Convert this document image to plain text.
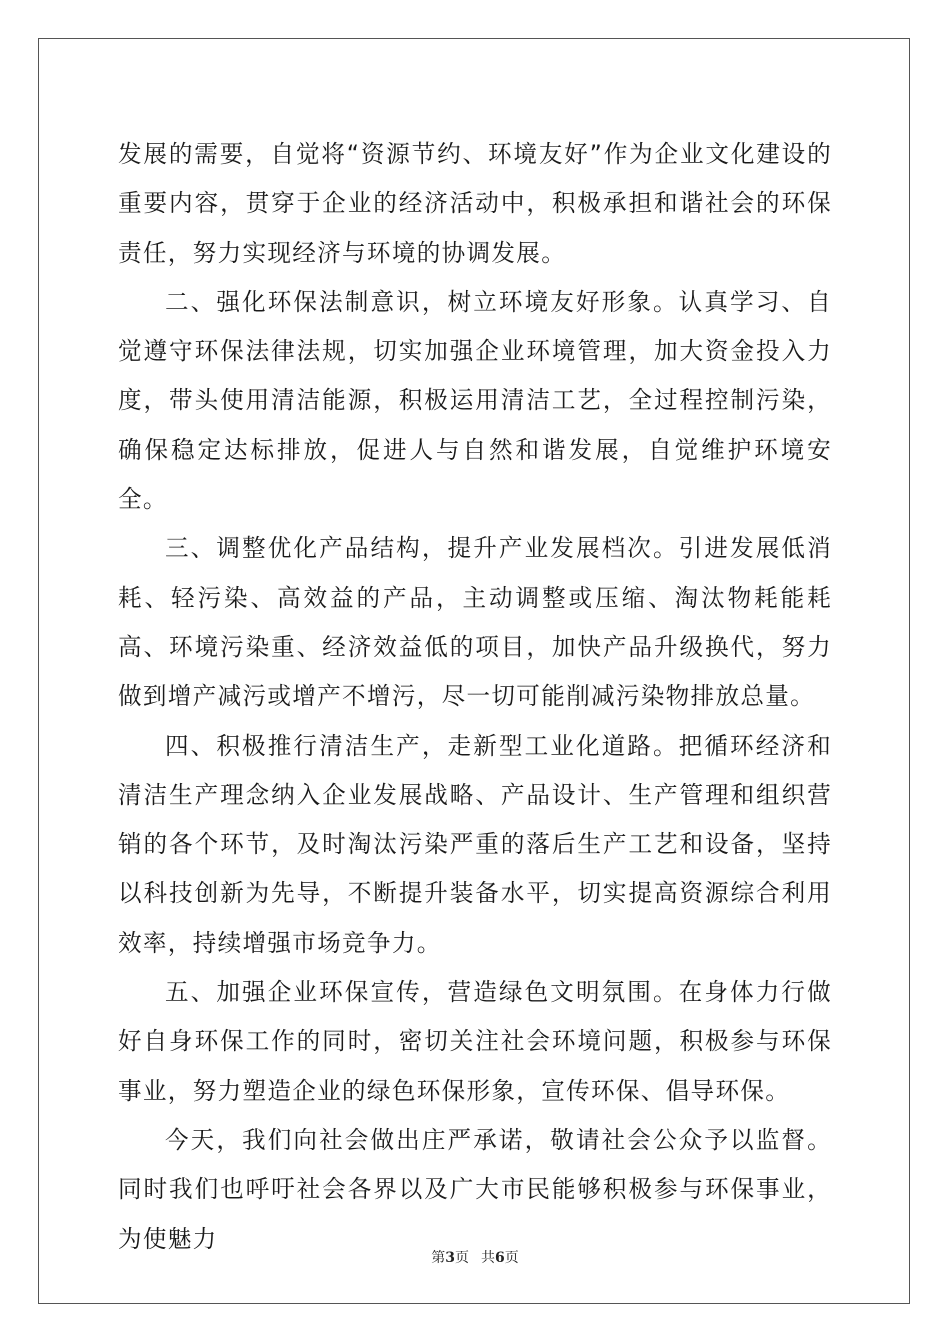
发展的需要，自觉将“资源节约、环境友好”作为企业文化建设的重要内容，贯穿于企业的经济活动中，积极承担和谐社会的环保责任，努力实现经济与环境的协调发展。

二、强化环保法制意识，树立环境友好形象。认真学习、自觉遵守环保法律法规，切实加强企业环境管理，加大资金投入力度，带头使用清洁能源，积极运用清洁工艺，全过程控制污染，确保稳定达标排放，促进人与自然和谐发展，自觉维护环境安全。

三、调整优化产品结构，提升产业发展档次。引进发展低消耗、轻污染、高效益的产品，主动调整或压缩、淘汰物耗能耗高、环境污染重、经济效益低的项目，加快产品升级换代，努力做到增产减污或增产不增污，尽一切可能削减污染物排放总量。

四、积极推行清洁生产，走新型工业化道路。把循环经济和清洁生产理念纳入企业发展战略、产品设计、生产管理和组织营销的各个环节，及时淘汰污染严重的落后生产工艺和设备，坚持以科技创新为先导，不断提升装备水平，切实提高资源综合利用效率，持续增强市场竞争力。

五、加强企业环保宣传，营造绿色文明氛围。在身体力行做好自身环保工作的同时，密切关注社会环境问题，积极参与环保事业，努力塑造企业的绿色环保形象，宣传环保、倡导环保。

今天，我们向社会做出庄严承诺，敬请社会公众予以监督。同时我们也呼吁社会各界以及广大市民能够积极参与环保事业，为使魅力

第3页 共6页
